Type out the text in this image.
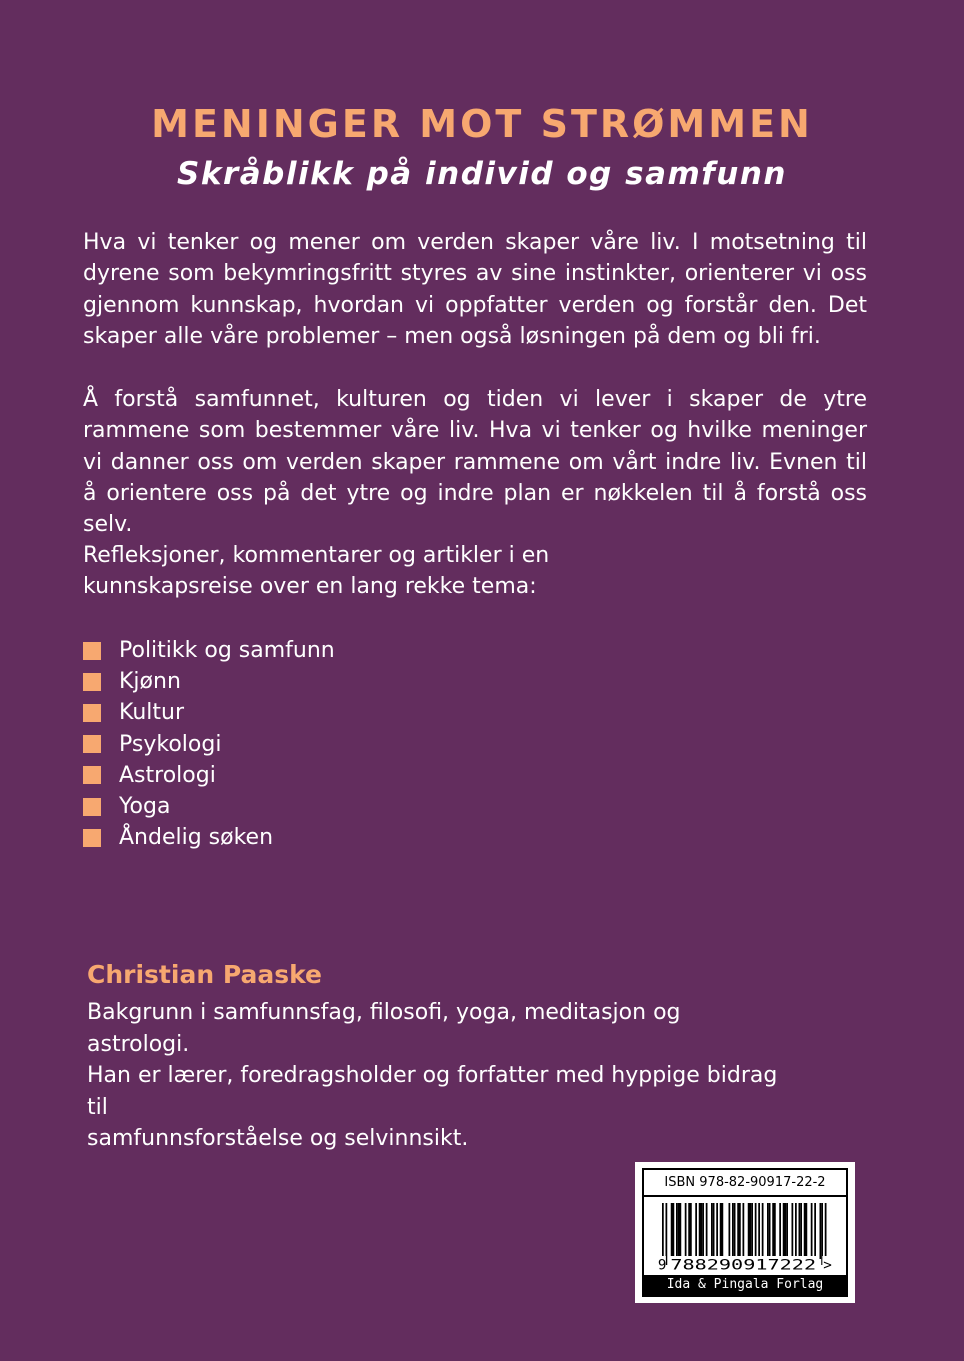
MENINGER MOT STRØMMEN
Skråblikk på individ og samfunn

Hva vi tenker og mener om verden skaper våre liv. I motsetning til dyrene som bekymringsfritt styres av sine instinkter, orienterer vi oss gjennom kunnskap, hvordan vi oppfatter verden og forstår den. Det skaper alle våre problemer – men også løsningen på dem og bli fri.

Å forstå samfunnet, kulturen og tiden vi lever i skaper de ytre rammene som bestemmer våre liv. Hva vi tenker og hvilke meninger vi danner oss om verden skaper rammene om vårt indre liv. Evnen til å orientere oss på det ytre og indre plan er nøkkelen til å forstå oss selv.

Refleksjoner, kommentarer og artikler i en kunnskapsreise over en lang rekke tema:

Politikk og samfunn
Kjønn
Kultur
Psykologi
Astrologi
Yoga
Åndelig søken
Christian Paaske
Bakgrunn i samfunnsfag, filosofi, yoga, meditasjon og astrologi.
Han er lærer, foredragsholder og forfatter med hyppige bidrag til
samfunnsforståelse og selvinnsikt.
ISBN 978-82-90917-22-2
9 788290917222 >
Ida & Pingala Forlag
